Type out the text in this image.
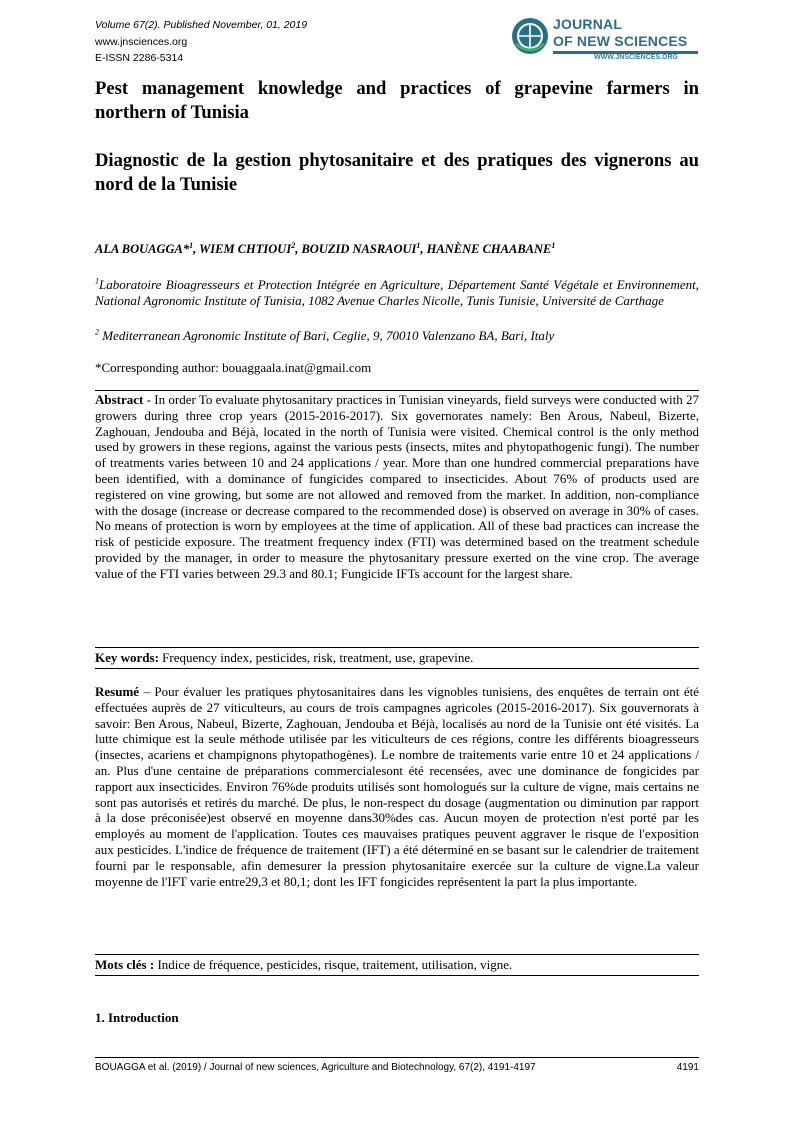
Volume 67(2). Published November, 01, 2019
www.jnsciences.org
E-ISSN 2286-5314
JOURNAL
OF NEW SCIENCES
WWW.JNSCIENCES.ORG
Pest management knowledge and practices of grapevine farmers in northern of Tunisia
Diagnostic de la gestion phytosanitaire et des pratiques des vignerons au nord de la Tunisie
ALA BOUAGGA*$^1$, WIEM CHTIOUI$^2$, BOUZID NASRAOUI$^1$, HANÈNE CHAABANE$^1$
$^1$Laboratoire Bioagresseurs et Protection Intégrée en Agriculture, Département Santé Végétale et Environnement, National Agronomic Institute of Tunisia, 1082 Avenue Charles Nicolle, Tunis Tunisie, Université de Carthage
$^2$ Mediterranean Agronomic Institute of Bari, Ceglie, 9, 70010 Valenzano BA, Bari, Italy
*Corresponding author: bouaggaala.inat@gmail.com
Abstract - In order To evaluate phytosanitary practices in Tunisian vineyards, field surveys were conducted with 27 growers during three crop years (2015-2016-2017). Six governorates namely: Ben Arous, Nabeul, Bizerte, Zaghouan, Jendouba and Béjà, located in the north of Tunisia were visited. Chemical control is the only method used by growers in these regions, against the various pests (insects, mites and phytopathogenic fungi). The number of treatments varies between 10 and 24 applications / year. More than one hundred commercial preparations have been identified, with a dominance of fungicides compared to insecticides. About 76% of products used are registered on vine growing, but some are not allowed and removed from the market. In addition, non-compliance with the dosage (increase or decrease compared to the recommended dose) is observed on average in 30% of cases. No means of protection is worn by employees at the time of application. All of these bad practices can increase the risk of pesticide exposure. The treatment frequency index (FTI) was determined based on the treatment schedule provided by the manager, in order to measure the phytosanitary pressure exerted on the vine crop. The average value of the FTI varies between 29.3 and 80.1; Fungicide IFTs account for the largest share.
Key words: Frequency index, pesticides, risk, treatment, use, grapevine.
Resumé – Pour évaluer les pratiques phytosanitaires dans les vignobles tunisiens, des enquêtes de terrain ont été effectuées auprès de 27 viticulteurs, au cours de trois campagnes agricoles (2015-2016-2017). Six gouvernorats à savoir: Ben Arous, Nabeul, Bizerte, Zaghouan, Jendouba et Béjà, localisés au nord de la Tunisie ont été visités. La lutte chimique est la seule méthode utilisée par les viticulteurs de ces régions, contre les différents bioagresseurs (insectes, acariens et champignons phytopathogènes). Le nombre de traitements varie entre 10 et 24 applications / an. Plus d'une centaine de préparations commercialesont été recensées, avec une dominance de fongicides par rapport aux insecticides. Environ 76%de produits utilisés sont homologués sur la culture de vigne, mais certains ne sont pas autorisés et retirés du marché. De plus, le non-respect du dosage (augmentation ou diminution par rapport à la dose préconisée)est observé en moyenne dans30%des cas. Aucun moyen de protection n'est porté par les employés au moment de l'application. Toutes ces mauvaises pratiques peuvent aggraver le risque de l'exposition aux pesticides. L'indice de fréquence de traitement (IFT) a été déterminé en se basant sur le calendrier de traitement fourni par le responsable, afin demesurer la pression phytosanitaire exercée sur la culture de vigne.La valeur moyenne de l'IFT varie entre29,3 et 80,1; dont les IFT fongicides représentent la part la plus importante.
Mots clés : Indice de fréquence, pesticides, risque, traitement, utilisation, vigne.
1. Introduction
BOUAGGA et al. (2019) / Journal of new sciences, Agriculture and Biotechnology, 67(2), 4191-4197	4191
